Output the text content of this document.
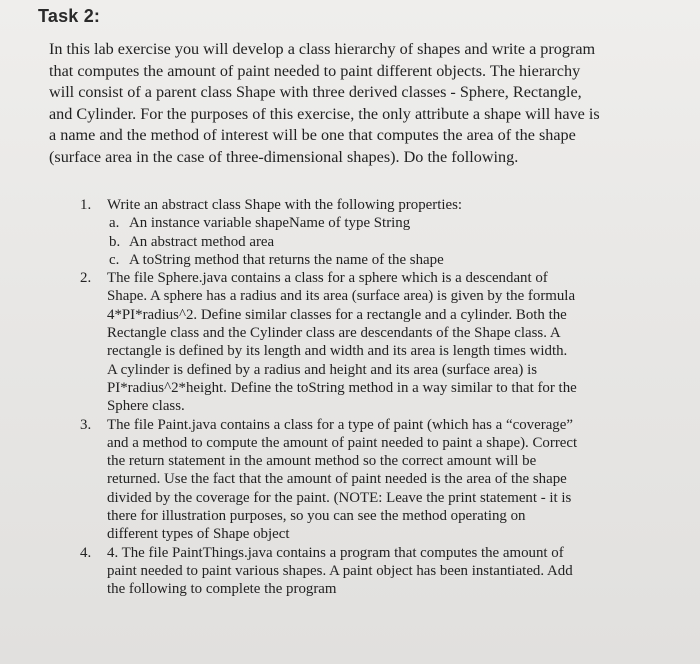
Task 2:
In this lab exercise you will develop a class hierarchy of shapes and write a program
that computes the amount of paint needed to paint different objects. The hierarchy
will consist of a parent class Shape with three derived classes - Sphere, Rectangle,
and Cylinder. For the purposes of this exercise, the only attribute a shape will have is
a name and the method of interest will be one that computes the area of the shape
(surface area in the case of three-dimensional shapes). Do the following.
1. Write an abstract class Shape with the following properties:
a. An instance variable shapeName of type String
b. An abstract method area
c. A toString method that returns the name of the shape
2. The file Sphere.java contains a class for a sphere which is a descendant of
Shape. A sphere has a radius and its area (surface area) is given by the formula
4*PI*radius^2. Define similar classes for a rectangle and a cylinder. Both the
Rectangle class and the Cylinder class are descendants of the Shape class. A
rectangle is defined by its length and width and its area is length times width.
A cylinder is defined by a radius and height and its area (surface area) is
PI*radius^2*height. Define the toString method in a way similar to that for the
Sphere class.
3. The file Paint.java contains a class for a type of paint (which has a “coverage”
and a method to compute the amount of paint needed to paint a shape). Correct
the return statement in the amount method so the correct amount will be
returned. Use the fact that the amount of paint needed is the area of the shape
divided by the coverage for the paint. (NOTE: Leave the print statement - it is
there for illustration purposes, so you can see the method operating on
different types of Shape object
4. 4. The file PaintThings.java contains a program that computes the amount of
paint needed to paint various shapes. A paint object has been instantiated. Add
the following to complete the program
